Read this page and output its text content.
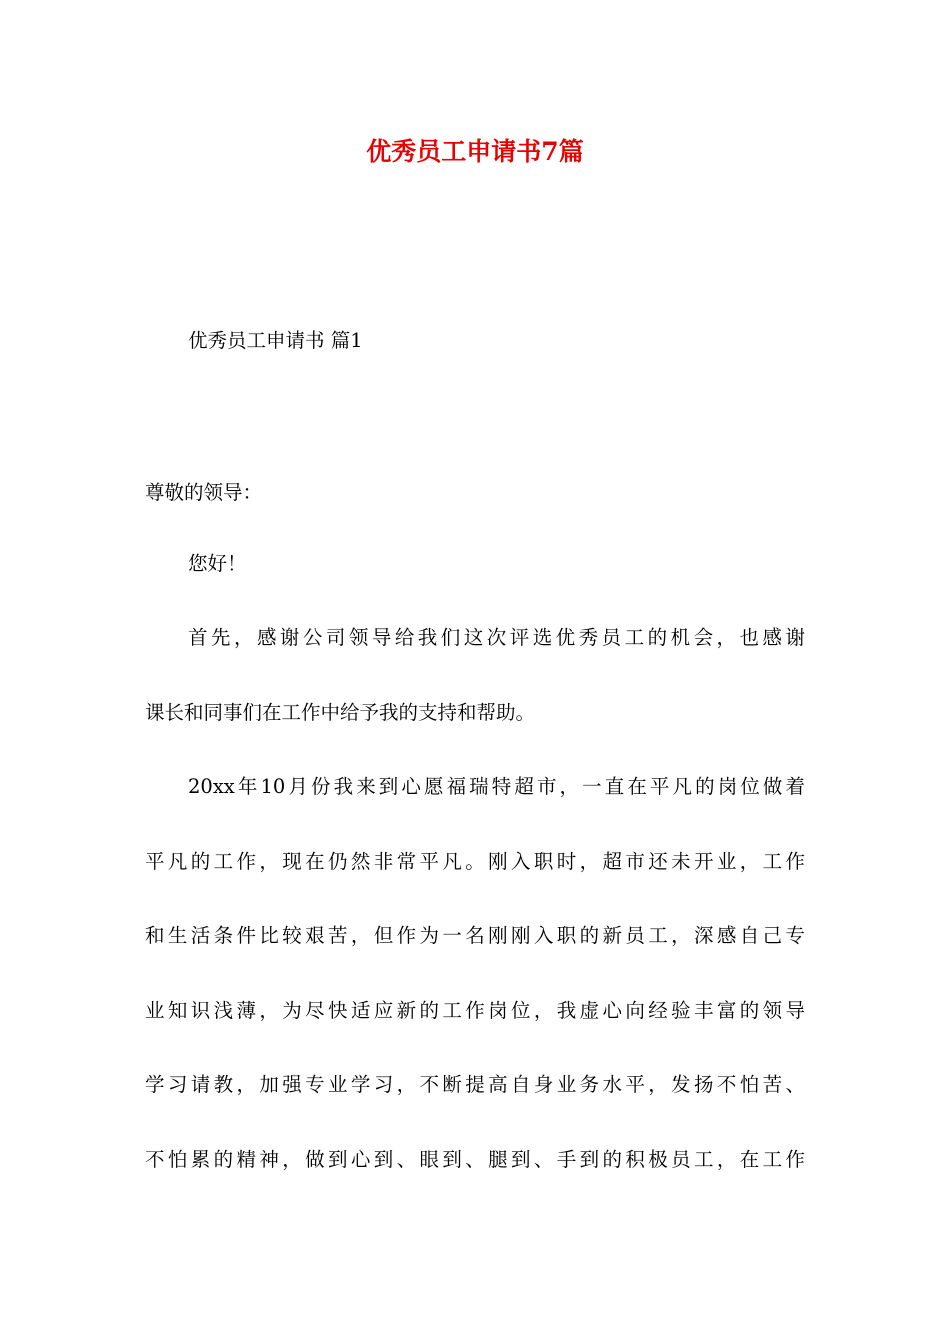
优秀员工申请书7篇
优秀员工申请书 篇1
尊敬的领导：
您好！
首先，感谢公司领导给我们这次评选优秀员工的机会，也感谢
课长和同事们在工作中给予我的支持和帮助。
20xx年10月份我来到心愿福瑞特超市，一直在平凡的岗位做着
平凡的工作，现在仍然非常平凡。刚入职时，超市还未开业，工作
和生活条件比较艰苦，但作为一名刚刚入职的新员工，深感自己专
业知识浅薄，为尽快适应新的工作岗位，我虚心向经验丰富的领导
学习请教，加强专业学习，不断提高自身业务水平，发扬不怕苦、
不怕累的精神，做到心到、眼到、腿到、手到的积极员工，在工作
